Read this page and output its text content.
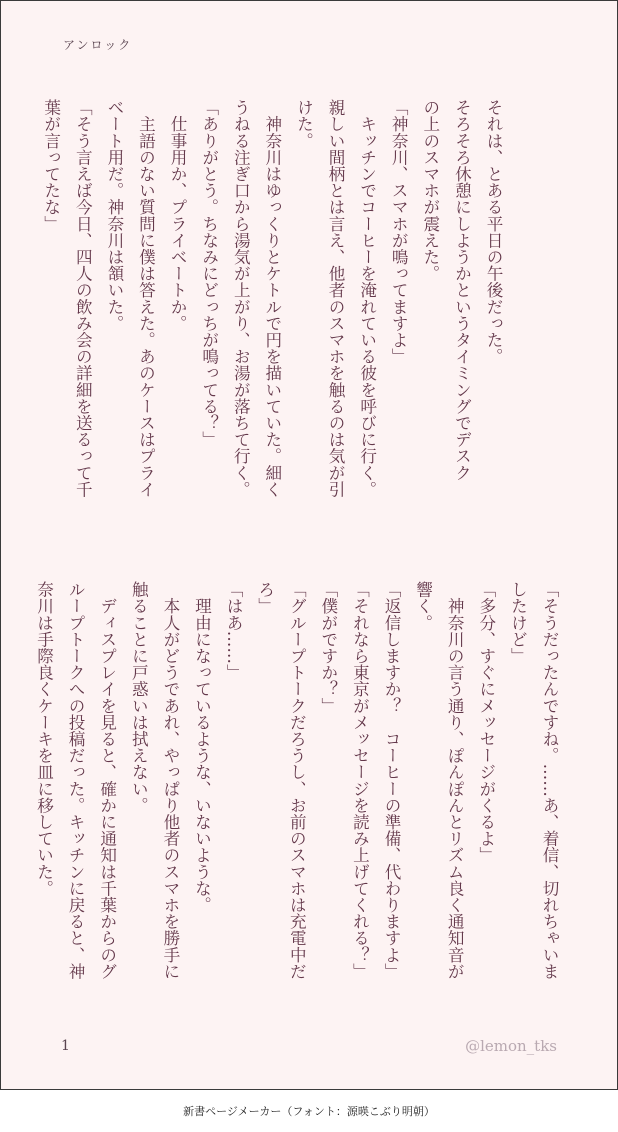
アンロック

それは、とある平日の午後だった。

そろそろ休憩にしようかというタイミングでデスク

の上のスマホが震えた。

「神奈川、スマホが鳴ってますよ」

　キッチンでコーヒーを淹れている彼を呼びに行く。

親しい間柄とは言え、他者のスマホを触るのは気が引

けた。

　神奈川はゆっくりとケトルで円を描いていた。細く

うねる注ぎ口から湯気が上がり、お湯が落ちて行く。

「ありがとう。ちなみにどっちが鳴ってる？」

　仕事用か、プライベートか。

　主語のない質問に僕は答えた。あのケースはプライ

ベート用だ。神奈川は頷いた。

「そう言えば今日、四人の飲み会の詳細を送るって千

葉が言ってたな」

「そうだったんですね。……あ、着信、切れちゃいま

したけど」

「多分、すぐにメッセージがくるよ」

　神奈川の言う通り、ぽんぽんとリズム良く通知音が

響く。

「返信しますか？　コーヒーの準備、代わりますよ」

「それなら東京がメッセージを読み上げてくれる？」

「僕がですか？」

「グループトークだろうし、お前のスマホは充電中だ

ろ」

「はあ……」

　理由になっているような、いないような。

　本人がどうであれ、やっぱり他者のスマホを勝手に

触ることに戸惑いは拭えない。

　ディスプレイを見ると、確かに通知は千葉からのグ

ループトークへの投稿だった。キッチンに戻ると、神

奈川は手際良くケーキを皿に移していた。

1	@lemon_tks
新書ページメーカー（フォント：源暎こぶり明朝）
